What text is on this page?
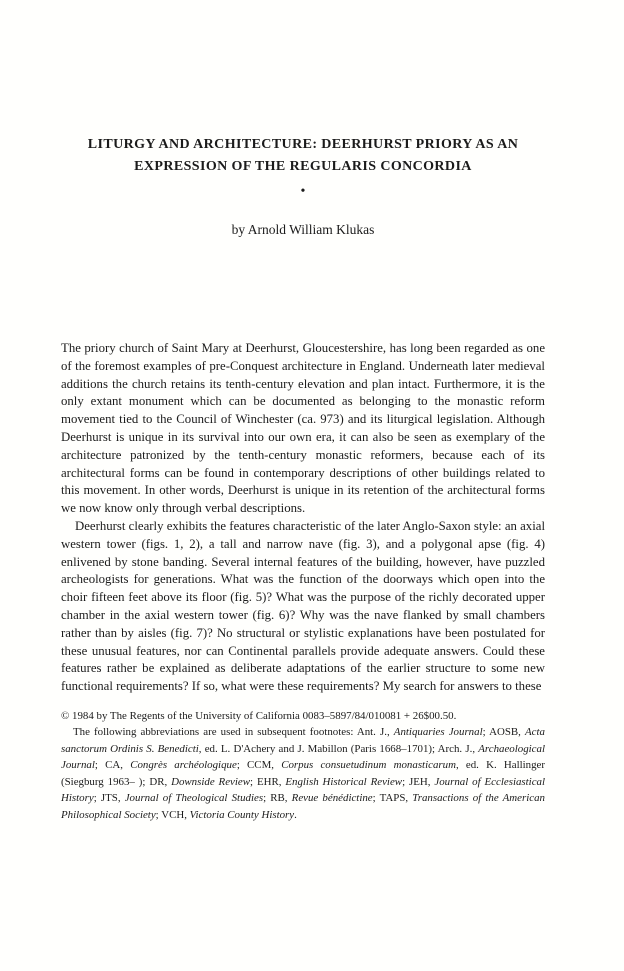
LITURGY AND ARCHITECTURE: DEERHURST PRIORY AS AN
EXPRESSION OF THE REGULARIS CONCORDIA
•
by Arnold William Klukas

The priory church of Saint Mary at Deerhurst, Gloucestershire, has long been regarded as one of the foremost examples of pre-Conquest architecture in England. Underneath later medieval additions the church retains its tenth-century elevation and plan intact. Furthermore, it is the only extant monument which can be documented as belonging to the monastic reform movement tied to the Council of Winchester (ca. 973) and its liturgical legislation. Although Deerhurst is unique in its survival into our own era, it can also be seen as exemplary of the architecture patronized by the tenth-century monastic reformers, because each of its architectural forms can be found in contemporary descriptions of other buildings related to this movement. In other words, Deerhurst is unique in its retention of the architectural forms we now know only through verbal descriptions.

Deerhurst clearly exhibits the features characteristic of the later Anglo-Saxon style: an axial western tower (figs. 1, 2), a tall and narrow nave (fig. 3), and a polygonal apse (fig. 4) enlivened by stone banding. Several internal features of the building, however, have puzzled archeologists for generations. What was the function of the doorways which open into the choir fifteen feet above its floor (fig. 5)? What was the purpose of the richly decorated upper chamber in the axial western tower (fig. 6)? Why was the nave flanked by small chambers rather than by aisles (fig. 7)? No structural or stylistic explanations have been postulated for these unusual features, nor can Continental parallels provide adequate answers. Could these features rather be explained as deliberate adaptations of the earlier structure to some new functional requirements? If so, what were these requirements? My search for answers to these

© 1984 by The Regents of the University of California 0083–5897/84/010081 + 26$00.50.

The following abbreviations are used in subsequent footnotes: Ant. J., Antiquaries Journal; AOSB, Acta sanctorum Ordinis S. Benedicti, ed. L. D'Achery and J. Mabillon (Paris 1668–1701); Arch. J., Archaeological Journal; CA, Congrès archéologique; CCM, Corpus consuetudinum monasticarum, ed. K. Hallinger (Siegburg 1963– ); DR, Downside Review; EHR, English Historical Review; JEH, Journal of Ecclesiastical History; JTS, Journal of Theological Studies; RB, Revue bénédictine; TAPS, Transactions of the American Philosophical Society; VCH, Victoria County History.
